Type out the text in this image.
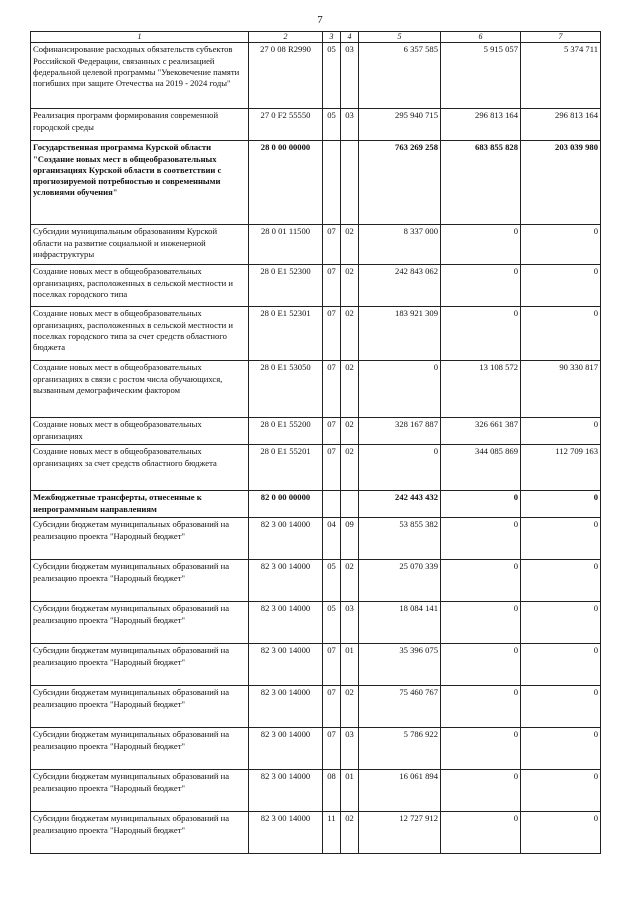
7
1	2	3	4	5	6	7
Софинансирование расходных обязательств субъектов Российской Федерации, связанных с реализацией федеральной целевой программы "Увековечение памяти погибших при защите Отечества на 2019 - 2024 годы"	27 0 08 R2990	05	03	6 357 585	5 915 057	5 374 711
Реализация программ формирования современной городской среды	27 0 F2 55550	05	03	295 940 715	296 813 164	296 813 164
Государственная программа Курской области "Создание новых мест в общеобразовательных организациях Курской области в соответствии с прогнозируемой потребностью и современными условиями обучения"	28 0 00 00000			763 269 258	683 855 828	203 039 980
Субсидии муниципальным образованиям Курской области на развитие социальной и инженерной инфраструктуры	28 0 01 11500	07	02	8 337 000	0	0
Создание новых мест в общеобразовательных организациях, расположенных в сельской местности и поселках городского типа	28 0 E1 52300	07	02	242 843 062	0	0
Создание новых мест в общеобразовательных организациях, расположенных в сельской местности и поселках городского типа за счет средств областного бюджета	28 0 E1 52301	07	02	183 921 309	0	0
Создание новых мест в общеобразовательных организациях в связи с ростом числа обучающихся, вызванным демографическим фактором	28 0 E1 53050	07	02	0	13 108 572	90 330 817
Создание новых мест в общеобразовательных организациях	28 0 E1 55200	07	02	328 167 887	326 661 387	0
Создание новых мест в общеобразовательных организациях за счет средств областного бюджета	28 0 E1 55201	07	02	0	344 085 869	112 709 163
Межбюджетные трансферты, отнесенные к непрограммным направлениям	82 0 00 00000			242 443 432	0	0
Субсидии бюджетам муниципальных образований на реализацию проекта "Народный бюджет"	82 3 00 14000	04	09	53 855 382	0	0
Субсидии бюджетам муниципальных образований на реализацию проекта "Народный бюджет"	82 3 00 14000	05	02	25 070 339	0	0
Субсидии бюджетам муниципальных образований на реализацию проекта "Народный бюджет"	82 3 00 14000	05	03	18 084 141	0	0
Субсидии бюджетам муниципальных образований на реализацию проекта "Народный бюджет"	82 3 00 14000	07	01	35 396 075	0	0
Субсидии бюджетам муниципальных образований на реализацию проекта "Народный бюджет"	82 3 00 14000	07	02	75 460 767	0	0
Субсидии бюджетам муниципальных образований на реализацию проекта "Народный бюджет"	82 3 00 14000	07	03	5 786 922	0	0
Субсидии бюджетам муниципальных образований на реализацию проекта "Народный бюджет"	82 3 00 14000	08	01	16 061 894	0	0
Субсидии бюджетам муниципальных образований на реализацию проекта "Народный бюджет"	82 3 00 14000	11	02	12 727 912	0	0
